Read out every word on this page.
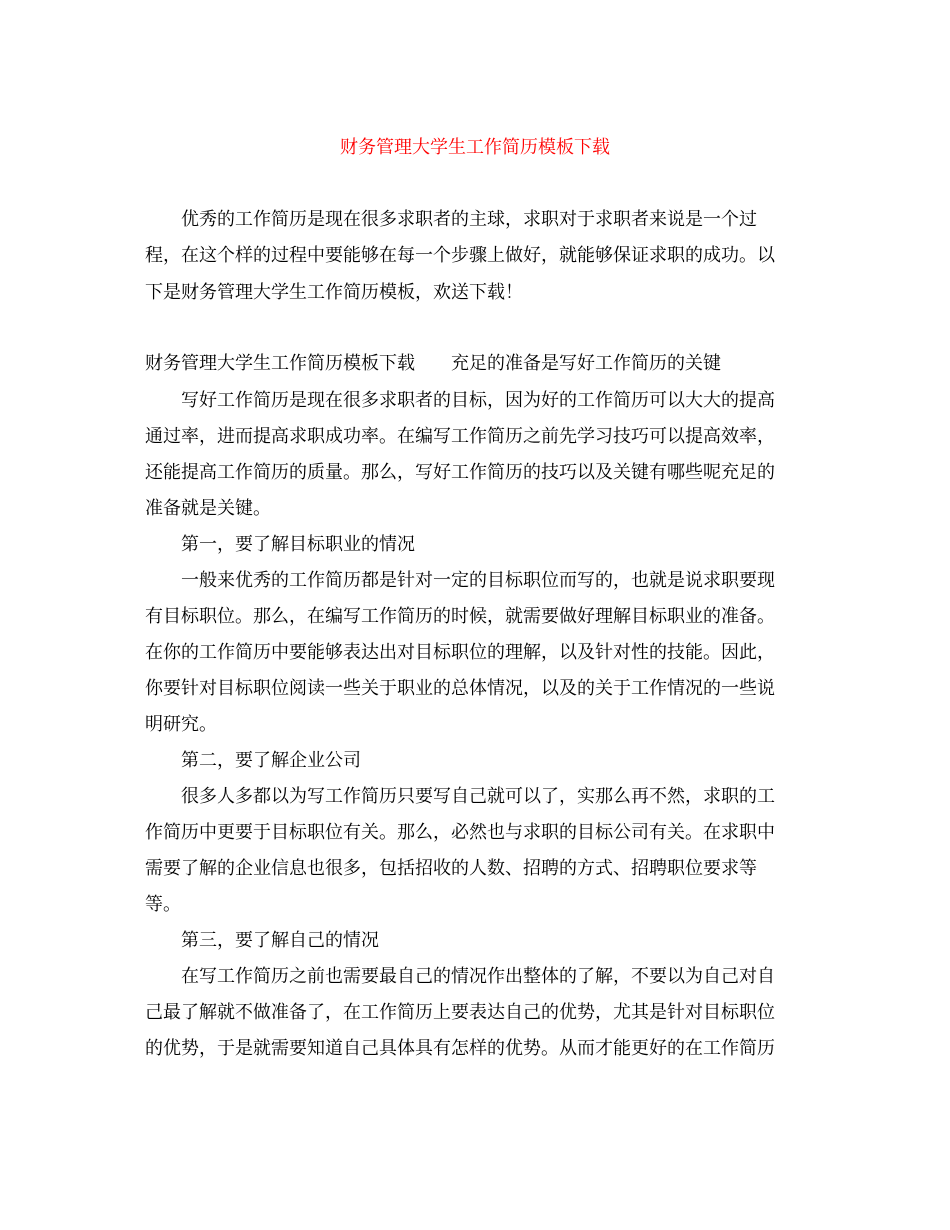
财务管理大学生工作简历模板下载
优秀的工作简历是现在很多求职者的主球，求职对于求职者来说是一个过
程，在这个样的过程中要能够在每一个步骤上做好，就能够保证求职的成功。以
下是财务管理大学生工作简历模板，欢送下载！
财务管理大学生工作简历模板下载 充足的准备是写好工作简历的关键
写好工作简历是现在很多求职者的目标，因为好的工作简历可以大大的提高
通过率，进而提高求职成功率。在编写工作简历之前先学习技巧可以提高效率，
还能提高工作简历的质量。那么，写好工作简历的技巧以及关键有哪些呢充足的
准备就是关键。
第一，要了解目标职业的情况
一般来优秀的工作简历都是针对一定的目标职位而写的，也就是说求职要现
有目标职位。那么，在编写工作简历的时候，就需要做好理解目标职业的准备。
在你的工作简历中要能够表达出对目标职位的理解，以及针对性的技能。因此，
你要针对目标职位阅读一些关于职业的总体情况，以及的关于工作情况的一些说
明研究。
第二，要了解企业公司
很多人多都以为写工作简历只要写自己就可以了，实那么再不然，求职的工
作简历中更要于目标职位有关。那么，必然也与求职的目标公司有关。在求职中
需要了解的企业信息也很多，包括招收的人数、招聘的方式、招聘职位要求等
等。
第三，要了解自己的情况
在写工作简历之前也需要最自己的情况作出整体的了解，不要以为自己对自
己最了解就不做准备了，在工作简历上要表达自己的优势，尤其是针对目标职位
的优势，于是就需要知道自己具体具有怎样的优势。从而才能更好的在工作简历
